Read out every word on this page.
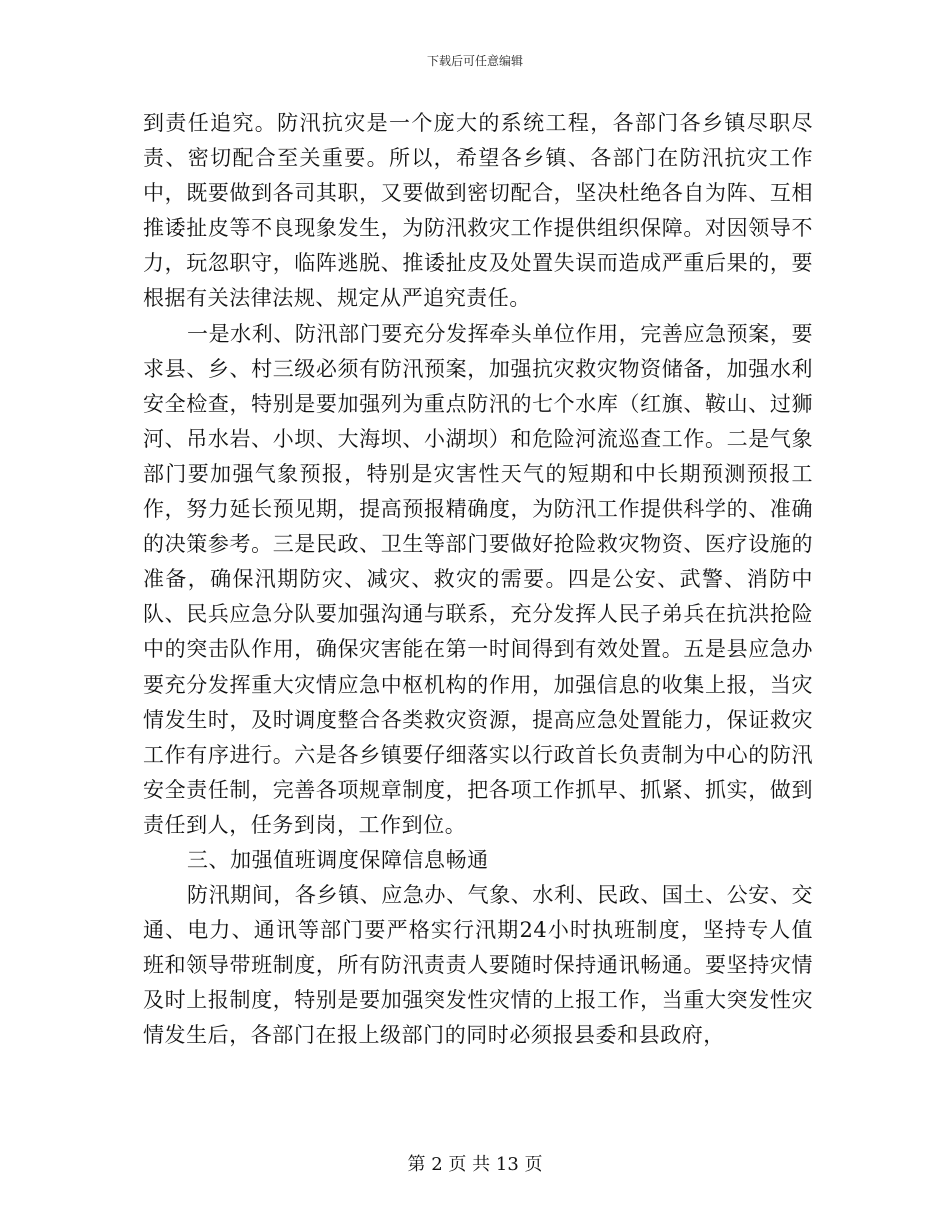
下载后可任意编辑

到责任追究。防汛抗灾是一个庞大的系统工程，各部门各乡镇尽职尽责、密切配合至关重要。所以，希望各乡镇、各部门在防汛抗灾工作中，既要做到各司其职，又要做到密切配合，坚决杜绝各自为阵、互相推诿扯皮等不良现象发生，为防汛救灾工作提供组织保障。对因领导不力，玩忽职守，临阵逃脱、推诿扯皮及处置失误而造成严重后果的，要根据有关法律法规、规定从严追究责任。

一是水利、防汛部门要充分发挥牵头单位作用，完善应急预案，要求县、乡、村三级必须有防汛预案，加强抗灾救灾物资储备，加强水利安全检查，特别是要加强列为重点防汛的七个水库（红旗、鞍山、过狮河、吊水岩、小坝、大海坝、小湖坝）和危险河流巡查工作。二是气象部门要加强气象预报，特别是灾害性天气的短期和中长期预测预报工作，努力延长预见期，提高预报精确度，为防汛工作提供科学的、准确的决策参考。三是民政、卫生等部门要做好抢险救灾物资、医疗设施的准备，确保汛期防灾、减灾、救灾的需要。四是公安、武警、消防中队、民兵应急分队要加强沟通与联系，充分发挥人民子弟兵在抗洪抢险中的突击队作用，确保灾害能在第一时间得到有效处置。五是县应急办要充分发挥重大灾情应急中枢机构的作用，加强信息的收集上报，当灾情发生时，及时调度整合各类救灾资源，提高应急处置能力，保证救灾工作有序进行。六是各乡镇要仔细落实以行政首长负责制为中心的防汛安全责任制，完善各项规章制度，把各项工作抓早、抓紧、抓实，做到责任到人，任务到岗，工作到位。

三、加强值班调度保障信息畅通

防汛期间，各乡镇、应急办、气象、水利、民政、国土、公安、交通、电力、通讯等部门要严格实行汛期24小时执班制度，坚持专人值班和领导带班制度，所有防汛责责人要随时保持通讯畅通。要坚持灾情及时上报制度，特别是要加强突发性灾情的上报工作，当重大突发性灾情发生后，各部门在报上级部门的同时必须报县委和县政府，

第 2 页 共 13 页
